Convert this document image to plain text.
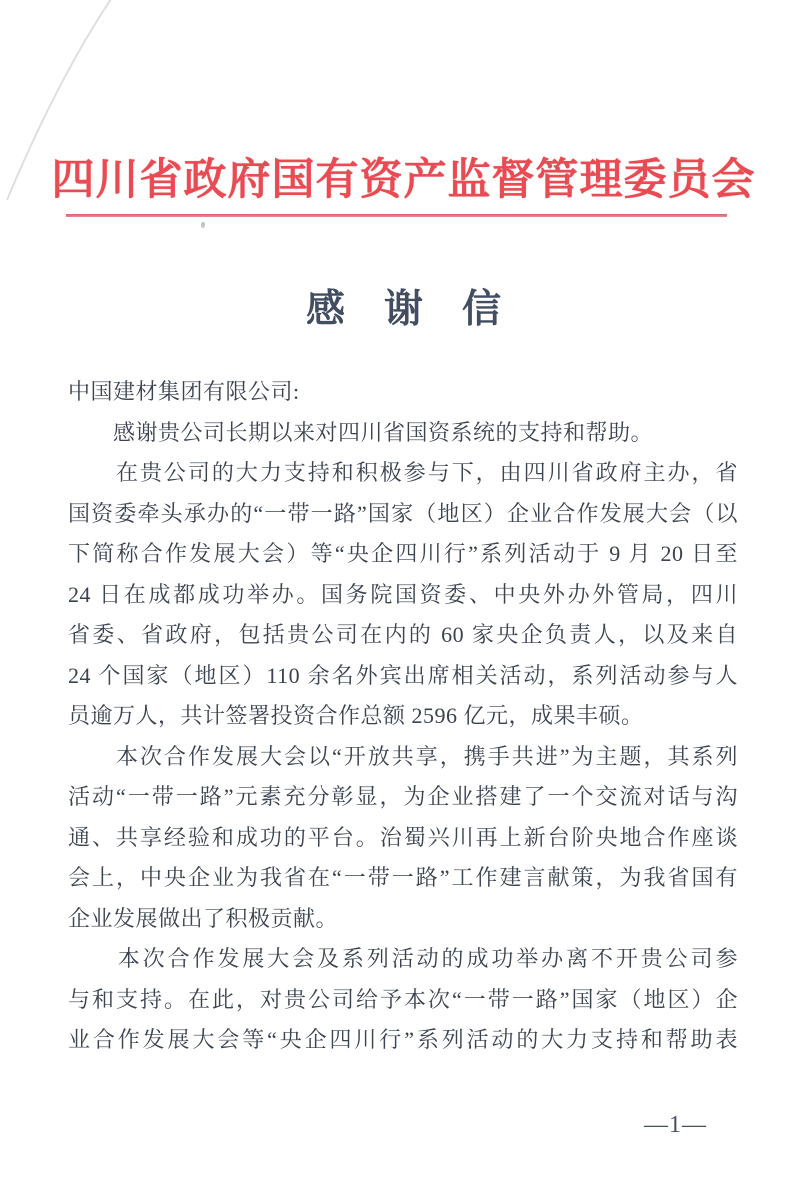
四川省政府国有资产监督管理委员会
感　谢　信
中国建材集团有限公司:
　　感谢贵公司长期以来对四川省国资系统的支持和帮助。
　　在贵公司的大力支持和积极参与下，由四川省政府主办，省
国资委牵头承办的“一带一路”国家（地区）企业合作发展大会（以
下简称合作发展大会）等“央企四川行”系列活动于 9 月 20 日至
24 日在成都成功举办。国务院国资委、中央外办外管局，四川
省委、省政府，包括贵公司在内的 60 家央企负责人，以及来自
24 个国家（地区）110 余名外宾出席相关活动，系列活动参与人
员逾万人，共计签署投资合作总额 2596 亿元，成果丰硕。
　　本次合作发展大会以“开放共享，携手共进”为主题，其系列
活动“一带一路”元素充分彰显，为企业搭建了一个交流对话与沟
通、共享经验和成功的平台。治蜀兴川再上新台阶央地合作座谈
会上，中央企业为我省在“一带一路”工作建言献策，为我省国有
企业发展做出了积极贡献。
　　本次合作发展大会及系列活动的成功举办离不开贵公司参
与和支持。在此，对贵公司给予本次“一带一路”国家（地区）企
业合作发展大会等“央企四川行”系列活动的大力支持和帮助表
—1—
